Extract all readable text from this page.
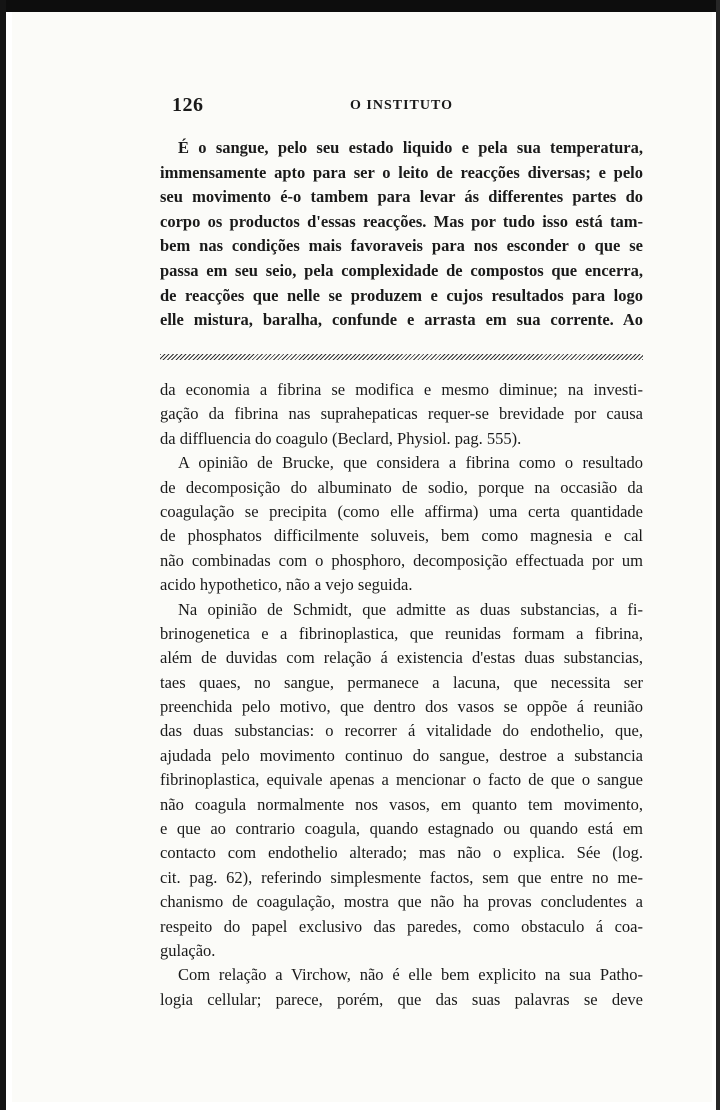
126	O INSTITUTO
É o sangue, pelo seu estado liquido e pela sua temperatura,
immensamente apto para ser o leito de reacções diversas; e pelo
seu movimento é-o tambem para levar ás differentes partes do
corpo os productos d'essas reacções. Mas por tudo isso está tam-
bem nas condições mais favoraveis para nos esconder o que se
passa em seu seio, pela complexidade de compostos que encerra,
de reacções que nelle se produzem e cujos resultados para logo
elle mistura, baralha, confunde e arrasta em sua corrente. Ao
da economia a fibrina se modifica e mesmo diminue; na investi-
gação da fibrina nas suprahepaticas requer-se brevidade por causa
da diffluencia do coagulo (Beclard, Physiol. pag. 555).
A opinião de Brucke, que considera a fibrina como o resultado
de decomposição do albuminato de sodio, porque na occasião da
coagulação se precipita (como elle affirma) uma certa quantidade
de phosphatos difficilmente soluveis, bem como magnesia e cal
não combinadas com o phosphoro, decomposição effectuada por um
acido hypothetico, não a vejo seguida.
Na opinião de Schmidt, que admitte as duas substancias, a fi-
brinogenetica e a fibrinoplastica, que reunidas formam a fibrina,
além de duvidas com relação á existencia d'estas duas substancias,
taes quaes, no sangue, permanece a lacuna, que necessita ser
preenchida pelo motivo, que dentro dos vasos se oppõe á reunião
das duas substancias: o recorrer á vitalidade do endothelio, que,
ajudada pelo movimento continuo do sangue, destroe a substancia
fibrinoplastica, equivale apenas a mencionar o facto de que o sangue
não coagula normalmente nos vasos, em quanto tem movimento,
e que ao contrario coagula, quando estagnado ou quando está em
contacto com endothelio alterado; mas não o explica. Sée (log.
cit. pag. 62), referindo simplesmente factos, sem que entre no me-
chanismo de coagulação, mostra que não ha provas concludentes a
respeito do papel exclusivo das paredes, como obstaculo á coa-
gulação.
Com relação a Virchow, não é elle bem explicito na sua Patho-
logia cellular; parece, porém, que das suas palavras se deve
